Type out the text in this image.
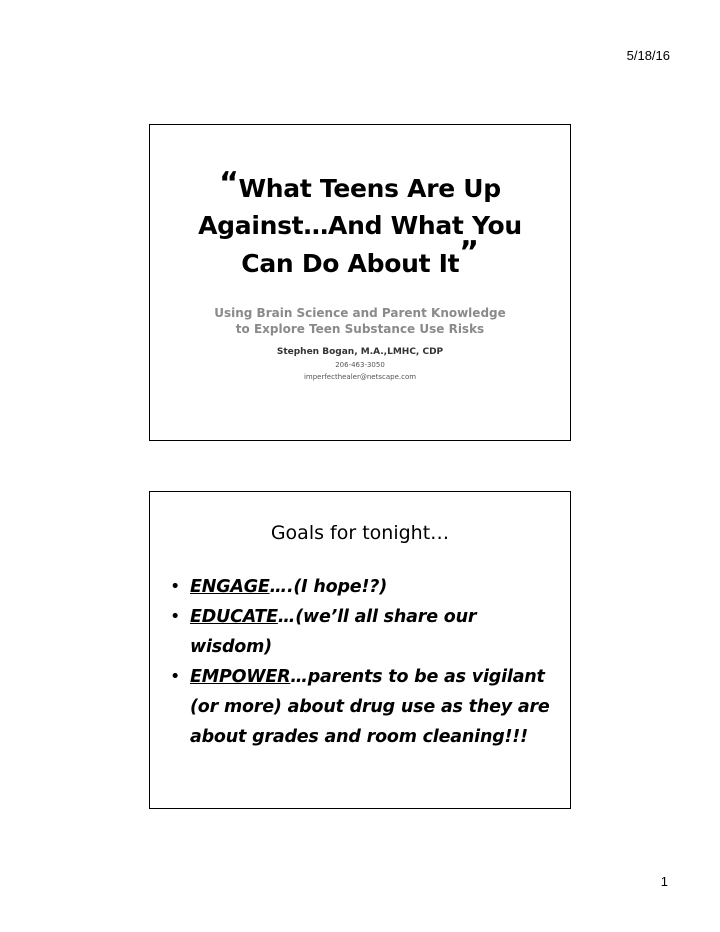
5/18/16
“What Teens Are Up
Against…And What You
Can Do About It”
Using Brain Science and Parent Knowledge
to Explore Teen Substance Use Risks
Stephen Bogan, M.A.,LMHC, CDP
206-463-3050
imperfecthealer@netscape.com
Goals for tonight…
• ENGAGE….(I hope!?)
• EDUCATE…(we’ll all share our wisdom)
• EMPOWER…parents to be as vigilant (or more) about drug use as they are about grades and room cleaning!!!
1
